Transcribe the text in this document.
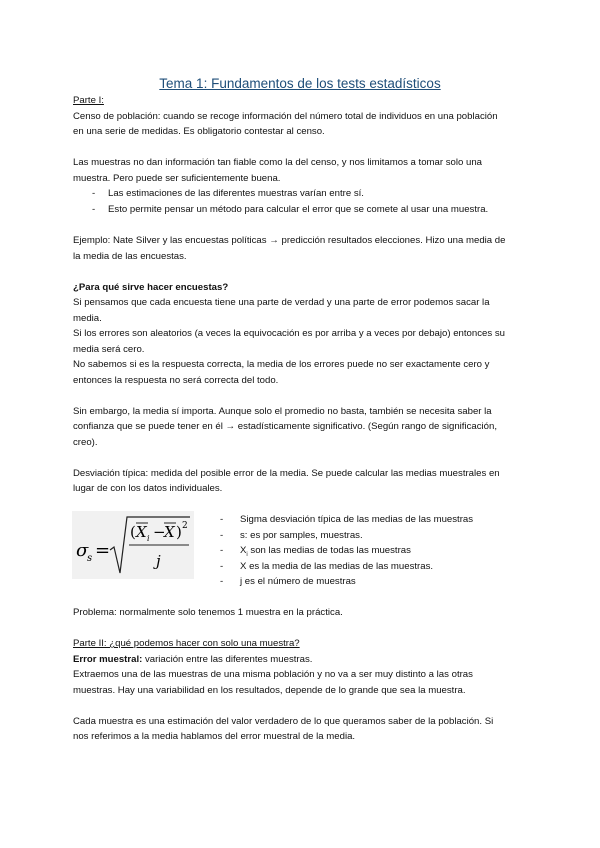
Tema 1: Fundamentos de los tests estadísticos
Parte I:
Censo de población: cuando se recoge información del número total de individuos en una población
en una serie de medidas. Es obligatorio contestar al censo.
Las muestras no dan información tan fiable como la del censo, y nos limitamos a tomar solo una
muestra. Pero puede ser suficientemente buena.
- Las estimaciones de las diferentes muestras varían entre sí.
- Esto permite pensar un método para calcular el error que se comete al usar una muestra.
Ejemplo: Nate Silver y las encuestas políticas → predicción resultados elecciones. Hizo una media de
la media de las encuestas.
¿Para qué sirve hacer encuestas?
Si pensamos que cada encuesta tiene una parte de verdad y una parte de error podemos sacar la
media.
Si los errores son aleatorios (a veces la equivocación es por arriba y a veces por debajo) entonces su
media será cero.
No sabemos si es la respuesta correcta, la media de los errores puede no ser exactamente cero y
entonces la respuesta no será correcta del todo.
Sin embargo, la media sí importa. Aunque solo el promedio no basta, también se necesita saber la
confianza que se puede tener en él → estadísticamente significativo. (Según rango de significación,
creo).
Desviación típica: medida del posible error de la media. Se puede calcular las medias muestrales en
lugar de con los datos individuales.
σ
s =
( X i −
X ) 2
j
- Sigma desviación típica de las medias de las muestras
- s: es por samples, muestras.
- $X_i$ son las medias de todas las muestras
- X es la media de las medias de las muestras.
- j es el número de muestras
Problema: normalmente solo tenemos 1 muestra en la práctica.
Parte II: ¿qué podemos hacer con solo una muestra?
Error muestral: variación entre las diferentes muestras.
Extraemos una de las muestras de una misma población y no va a ser muy distinto a las otras
muestras. Hay una variabilidad en los resultados, depende de lo grande que sea la muestra.
Cada muestra es una estimación del valor verdadero de lo que queramos saber de la población. Si
nos referimos a la media hablamos del error muestral de la media.
